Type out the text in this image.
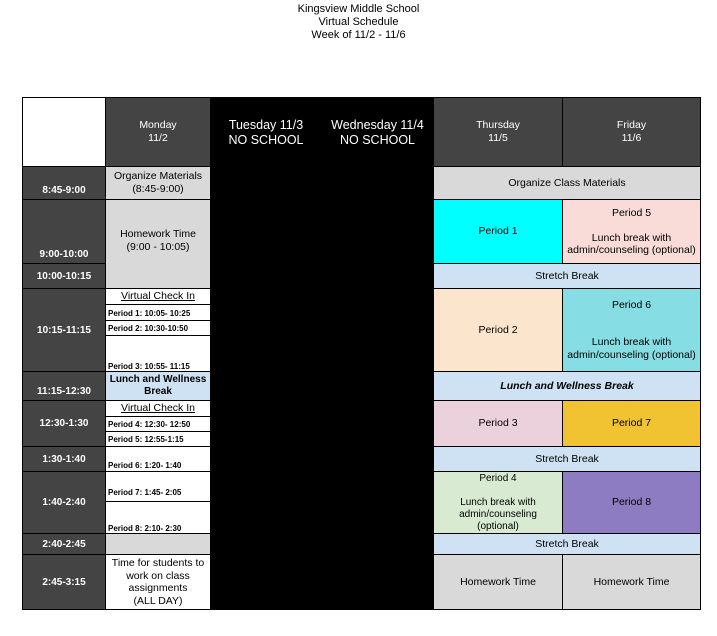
Kingsview Middle School
Virtual Schedule
Week of 11/2 - 11/6
Monday
11/2
Tuesday 11/3
NO SCHOOL
Wednesday 11/4
NO SCHOOL
Thursday
11/5
Friday
11/6
8:45-9:00
9:00-10:00
10:00-10:15
10:15-11:15
11:15-12:30
12:30-1:30
1:30-1:40
1:40-2:40
2:40-2:45
2:45-3:15
Organize Materials
(8:45-9:00)
Homework Time
(9:00 - 10:05)
Virtual Check In
Period 1: 10:05- 10:25
Period 2: 10:30-10:50
Period 3: 10:55- 11:15
Lunch and Wellness
Break
Virtual Check In
Period 4: 12:30- 12:50
Period 5: 12:55-1:15
Period 6: 1:20- 1:40
Period 7: 1:45- 2:05
Period 8: 2:10- 2:30
Time for students to
work on class
assignments
(ALL DAY)
Organize Class Materials
Period 1
Period 5

Lunch break with
admin/counseling (optional)
Stretch Break
Period 2
Period 6

Lunch break with
admin/counseling (optional)
Lunch and Wellness Break
Period 3	Period 7
Stretch Break
Period 4

Lunch break with
admin/counseling
(optional)
Period 8
Stretch Break
Homework Time	Homework Time
